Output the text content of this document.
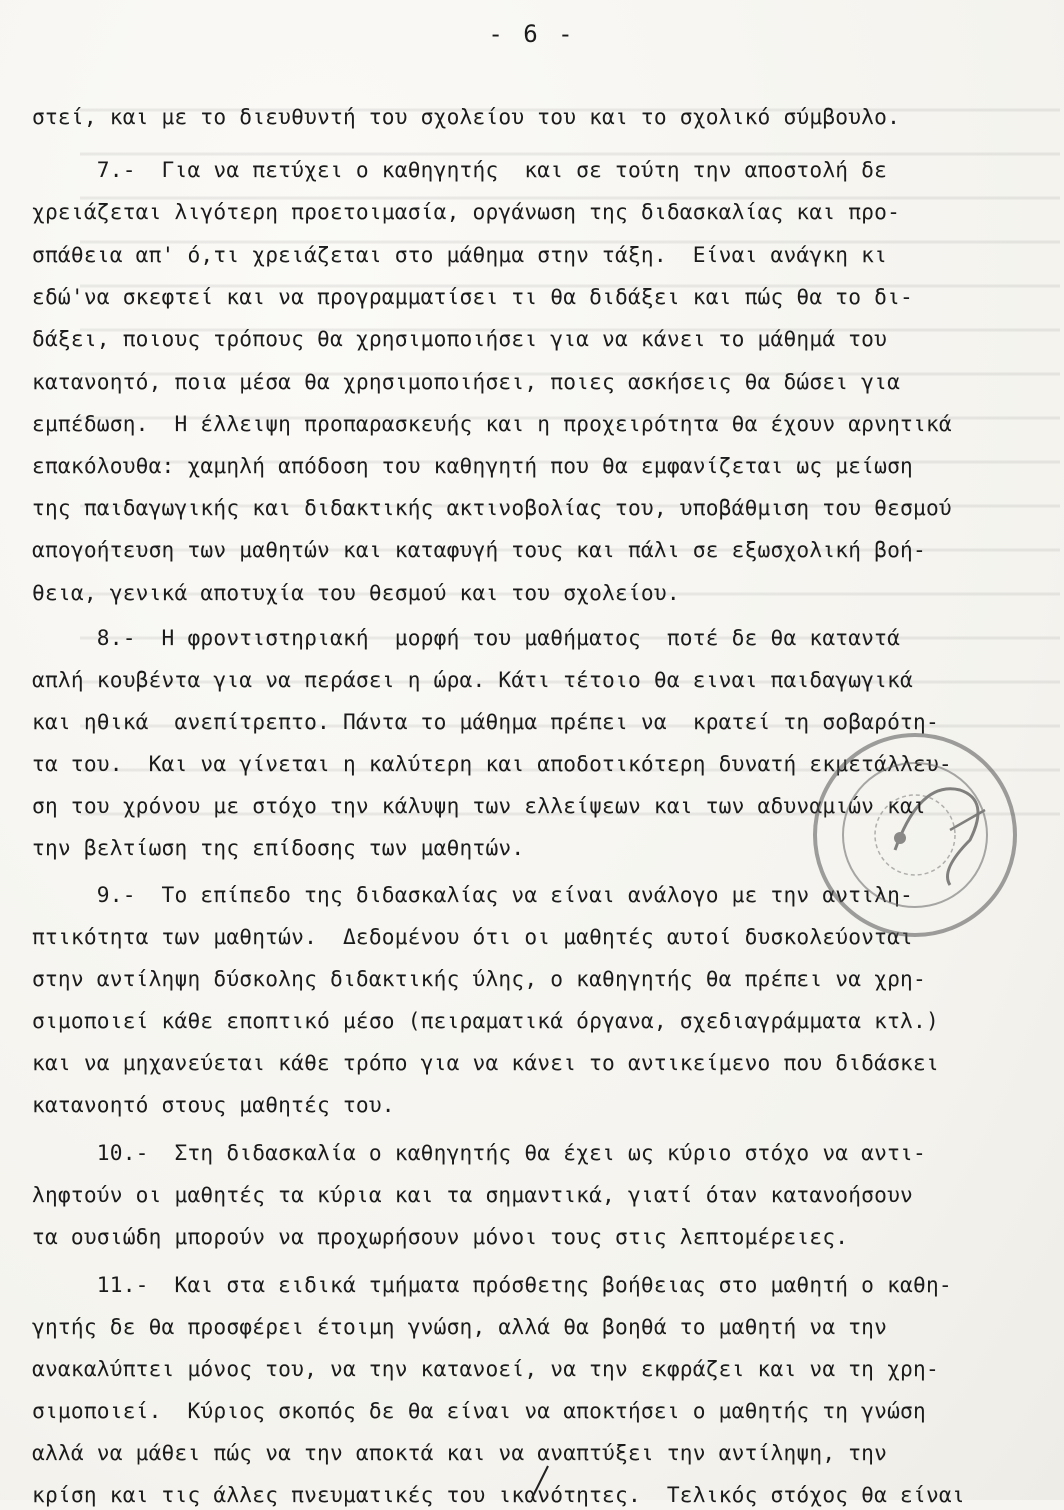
- 6 -
στεί, και με το διευθυντή του σχολείου του και το σχολικό σύμβουλο.
7.-  Για να πετύχει ο καθηγητής  και σε τούτη την αποστολή δε
χρειάζεται λιγότερη προετοιμασία, οργάνωση της διδασκαλίας και προ-
σπάθεια απ' ό,τι χρειάζεται στο μάθημα στην τάξη.  Είναι ανάγκη κι
εδώ'να σκεφτεί και να προγραμματίσει τι θα διδάξει και πώς θα το δι-
δάξει, ποιους τρόπους θα χρησιμοποιήσει για να κάνει το μάθημά του
κατανοητό, ποια μέσα θα χρησιμοποιήσει, ποιες ασκήσεις θα δώσει για
εμπέδωση.  Η έλλειψη προπαρασκευής και η προχειρότητα θα έχουν αρνητικά
επακόλουθα: χαμηλή απόδοση του καθηγητή που θα εμφανίζεται ως μείωση
της παιδαγωγικής και διδακτικής ακτινοβολίας του, υποβάθμιση του θεσμού
απογοήτευση των μαθητών και καταφυγή τους και πάλι σε εξωσχολική βοή-
θεια, γενικά αποτυχία του θεσμού και του σχολείου.
8.-  Η φροντιστηριακή  μορφή του μαθήματος  ποτέ δε θα καταντά
απλή κουβέντα για να περάσει η ώρα. Κάτι τέτοιο θα ειναι παιδαγωγικά
και ηθικά  ανεπίτρεπτο. Πάντα το μάθημα πρέπει να  κρατεί τη σοβαρότη-
τα του.  Και να γίνεται η καλύτερη και αποδοτικότερη δυνατή εκμετάλλευ-
ση του χρόνου με στόχο την κάλυψη των ελλείψεων και των αδυναμιών και
την βελτίωση της επίδοσης των μαθητών.
9.-  Το επίπεδο της διδασκαλίας να είναι ανάλογο με την αντιλη-
πτικότητα των μαθητών.  Δεδομένου ότι οι μαθητές αυτοί δυσκολεύονται
στην αντίληψη δύσκολης διδακτικής ύλης, ο καθηγητής θα πρέπει να χρη-
σιμοποιεί κάθε εποπτικό μέσο (πειραματικά όργανα, σχεδιαγράμματα κτλ.)
και να μηχανεύεται κάθε τρόπο για να κάνει το αντικείμενο που διδάσκει
κατανοητό στους μαθητές του.
10.-  Στη διδασκαλία ο καθηγητής θα έχει ως κύριο στόχο να αντι-
ληφτούν οι μαθητές τα κύρια και τα σημαντικά, γιατί όταν κατανοήσουν
τα ουσιώδη μπορούν να προχωρήσουν μόνοι τους στις λεπτομέρειες.
11.-  Και στα ειδικά τμήματα πρόσθετης βοήθειας στο μαθητή ο καθη-
γητής δε θα προσφέρει έτοιμη γνώση, αλλά θα βοηθά το μαθητή να την
ανακαλύπτει μόνος του, να την κατανοεί, να την εκφράζει και να τη χρη-
σιμοποιεί.  Κύριος σκοπός δε θα είναι να αποκτήσει ο μαθητής τη γνώση
αλλά να μάθει πώς να την αποκτά και να αναπτύξει την αντίληψη, την
κρίση και τις άλλες πνευματικές του ικανότητες.  Τελικός στόχος θα είναι
